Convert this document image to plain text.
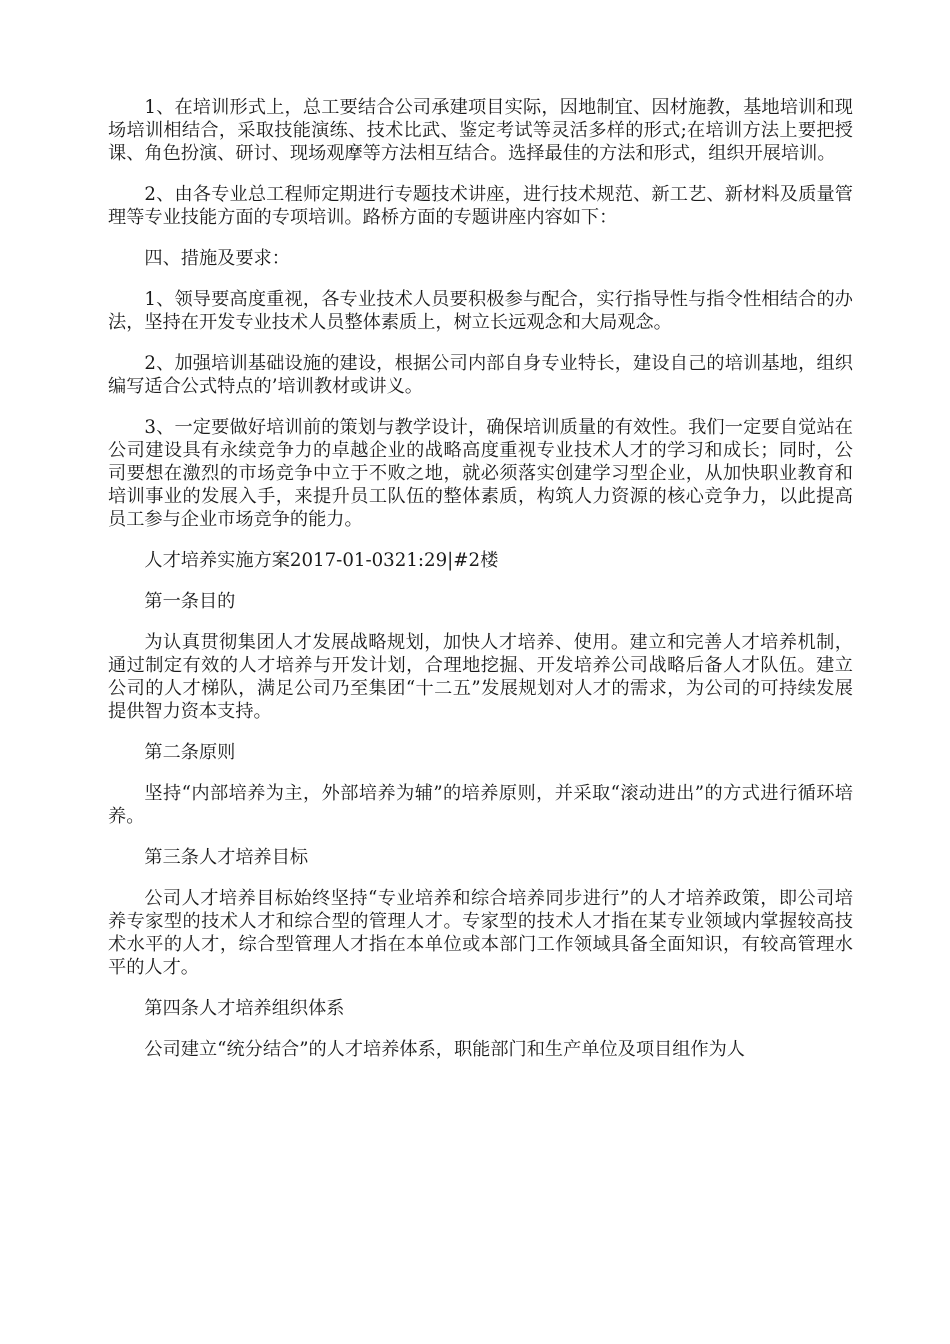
1、在培训形式上，总工要结合公司承建项目实际，因地制宜、因材施教，基地培训和现场培训相结合，采取技能演练、技术比武、鉴定考试等灵活多样的形式;在培训方法上要把授课、角色扮演、研讨、现场观摩等方法相互结合。选择最佳的方法和形式，组织开展培训。

2、由各专业总工程师定期进行专题技术讲座，进行技术规范、新工艺、新材料及质量管理等专业技能方面的专项培训。路桥方面的专题讲座内容如下：

四、措施及要求：

1、领导要高度重视，各专业技术人员要积极参与配合，实行指导性与指令性相结合的办法，坚持在开发专业技术人员整体素质上，树立长远观念和大局观念。

2、加强培训基础设施的建设，根据公司内部自身专业特长，建设自己的培训基地，组织编写适合公式特点的’培训教材或讲义。

3、一定要做好培训前的策划与教学设计，确保培训质量的有效性。我们一定要自觉站在公司建设具有永续竞争力的卓越企业的战略高度重视专业技术人才的学习和成长；同时，公司要想在激烈的市场竞争中立于不败之地，就必须落实创建学习型企业，从加快职业教育和培训事业的发展入手，来提升员工队伍的整体素质，构筑人力资源的核心竞争力，以此提高员工参与企业市场竞争的能力。

人才培养实施方案2017-01-0321:29|#2楼

第一条目的

为认真贯彻集团人才发展战略规划，加快人才培养、使用。建立和完善人才培养机制，通过制定有效的人才培养与开发计划，合理地挖掘、开发培养公司战略后备人才队伍。建立公司的人才梯队，满足公司乃至集团“十二五”发展规划对人才的需求，为公司的可持续发展提供智力资本支持。

第二条原则

坚持“内部培养为主，外部培养为辅”的培养原则，并采取“滚动进出”的方式进行循环培养。

第三条人才培养目标

公司人才培养目标始终坚持“专业培养和综合培养同步进行”的人才培养政策，即公司培养专家型的技术人才和综合型的管理人才。专家型的技术人才指在某专业领域内掌握较高技术水平的人才，综合型管理人才指在本单位或本部门工作领域具备全面知识，有较高管理水平的人才。

第四条人才培养组织体系

公司建立“统分结合”的人才培养体系，职能部门和生产单位及项目组作为人
